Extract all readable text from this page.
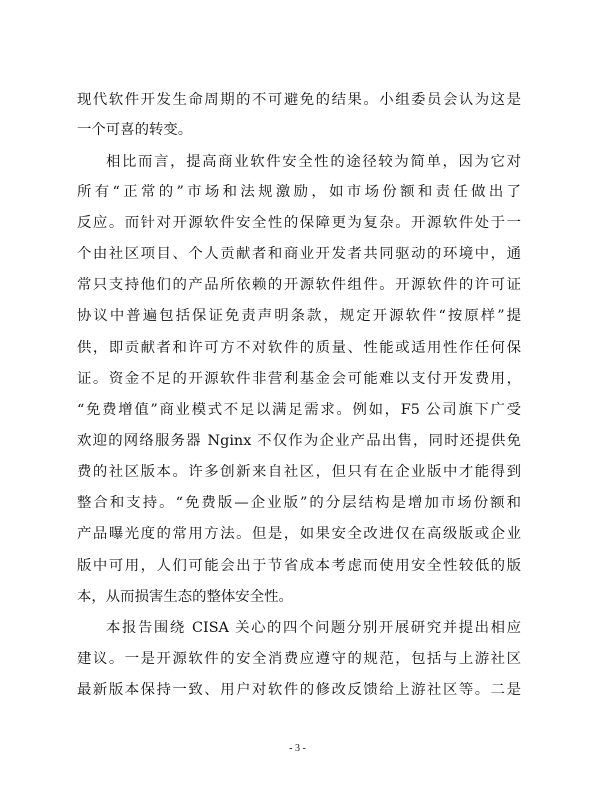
现代软件开发生命周期的不可避免的结果。小组委员会认为这是
一个可喜的转变。
相比而言，提高商业软件安全性的途径较为简单，因为它对
所有“正常的”市场和法规激励，如市场份额和责任做出了
反应。而针对开源软件安全性的保障更为复杂。开源软件处于一
个由社区项目、个人贡献者和商业开发者共同驱动的环境中，通
常只支持他们的产品所依赖的开源软件组件。开源软件的许可证
协议中普遍包括保证免责声明条款，规定开源软件“按原样”提
供，即贡献者和许可方不对软件的质量、性能或适用性作任何保
证。资金不足的开源软件非营利基金会可能难以支付开发费用，
“免费增值”商业模式不足以满足需求。例如，F5 公司旗下广受
欢迎的网络服务器 Nginx 不仅作为企业产品出售，同时还提供免
费的社区版本。许多创新来自社区，但只有在企业版中才能得到
整合和支持。“免费版—企业版”的分层结构是增加市场份额和
产品曝光度的常用方法。但是，如果安全改进仅在高级版或企业
版中可用，人们可能会出于节省成本考虑而使用安全性较低的版
本，从而损害生态的整体安全性。
本报告围绕 CISA 关心的四个问题分别开展研究并提出相应
建议。一是开源软件的安全消费应遵守的规范，包括与上游社区
最新版本保持一致、用户对软件的修改反馈给上游社区等。二是
- 3 -
